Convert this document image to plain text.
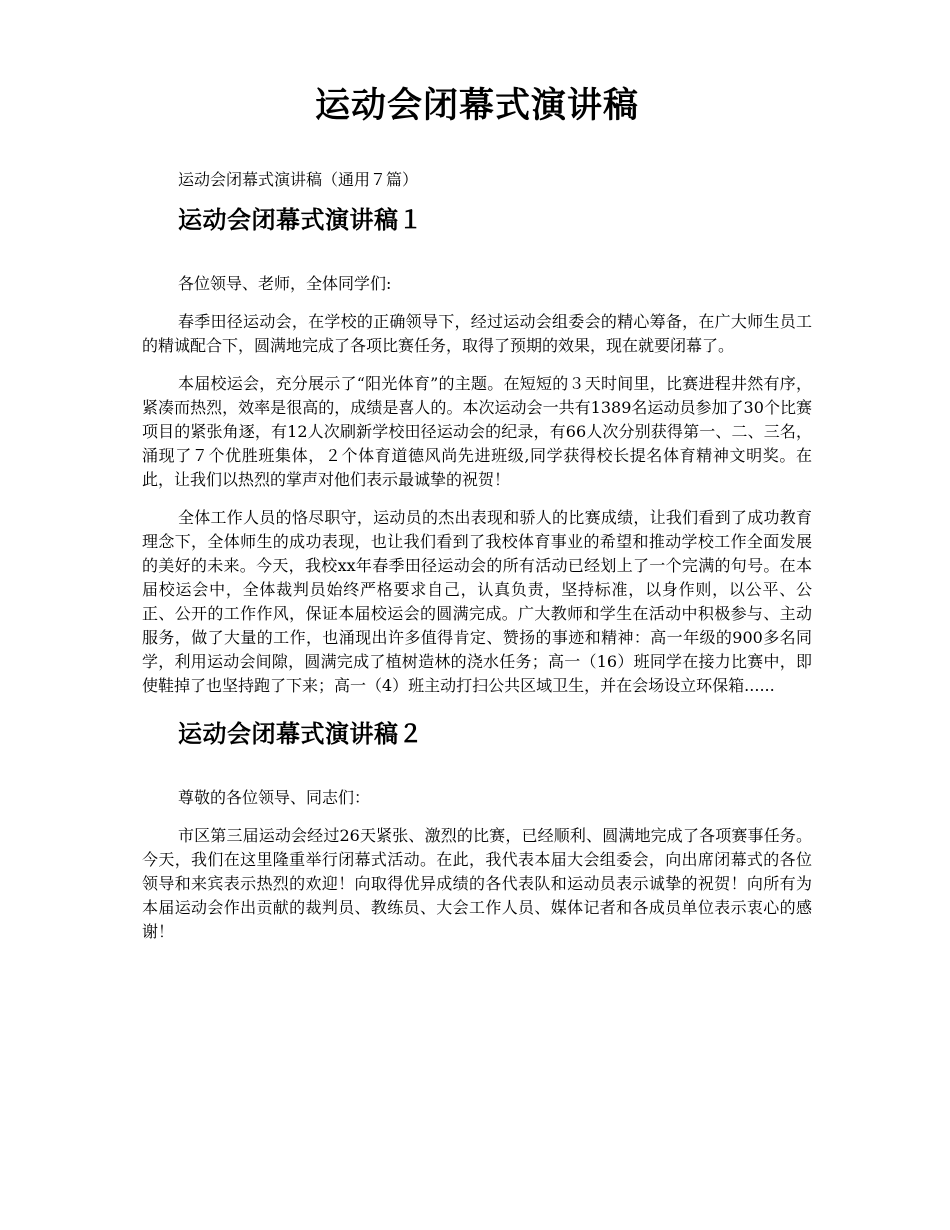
运动会闭幕式演讲稿

运动会闭幕式演讲稿（通用７篇）

运动会闭幕式演讲稿１

各位领导、老师，全体同学们:

春季田径运动会，在学校的正确领导下，经过运动会组委会的精心筹备，在广大师生员工的精诚配合下，圆满地完成了各项比赛任务，取得了预期的效果，现在就要闭幕了。

本届校运会，充分展示了“阳光体育”的主题。在短短的３天时间里，比赛进程井然有序，紧凑而热烈，效率是很高的，成绩是喜人的。本次运动会一共有1389名运动员参加了30个比赛项目的紧张角逐，有12人次刷新学校田径运动会的纪录，有66人次分别获得第一、二、三名，涌现了７个优胜班集体，２个体育道德风尚先进班级,同学获得校长提名体育精神文明奖。在此，让我们以热烈的掌声对他们表示最诚挚的祝贺！

全体工作人员的恪尽职守，运动员的杰出表现和骄人的比赛成绩，让我们看到了成功教育理念下，全体师生的成功表现，也让我们看到了我校体育事业的希望和推动学校工作全面发展的美好的未来。今天，我校xx年春季田径运动会的所有活动已经划上了一个完满的句号。在本届校运会中，全体裁判员始终严格要求自己，认真负责，坚持标准，以身作则，以公平、公正、公开的工作作风，保证本届校运会的圆满完成。广大教师和学生在活动中积极参与、主动服务，做了大量的工作，也涌现出许多值得肯定、赞扬的事迹和精神：高一年级的900多名同学，利用运动会间隙，圆满完成了植树造林的浇水任务；高一（16）班同学在接力比赛中，即使鞋掉了也坚持跑了下来；高一（4）班主动打扫公共区域卫生，并在会场设立环保箱......

运动会闭幕式演讲稿２

尊敬的各位领导、同志们：

市区第三届运动会经过26天紧张、激烈的比赛，已经顺利、圆满地完成了各项赛事任务。今天，我们在这里隆重举行闭幕式活动。在此，我代表本届大会组委会，向出席闭幕式的各位领导和来宾表示热烈的欢迎！向取得优异成绩的各代表队和运动员表示诚挚的祝贺！向所有为本届运动会作出贡献的裁判员、教练员、大会工作人员、媒体记者和各成员单位表示衷心的感谢！
